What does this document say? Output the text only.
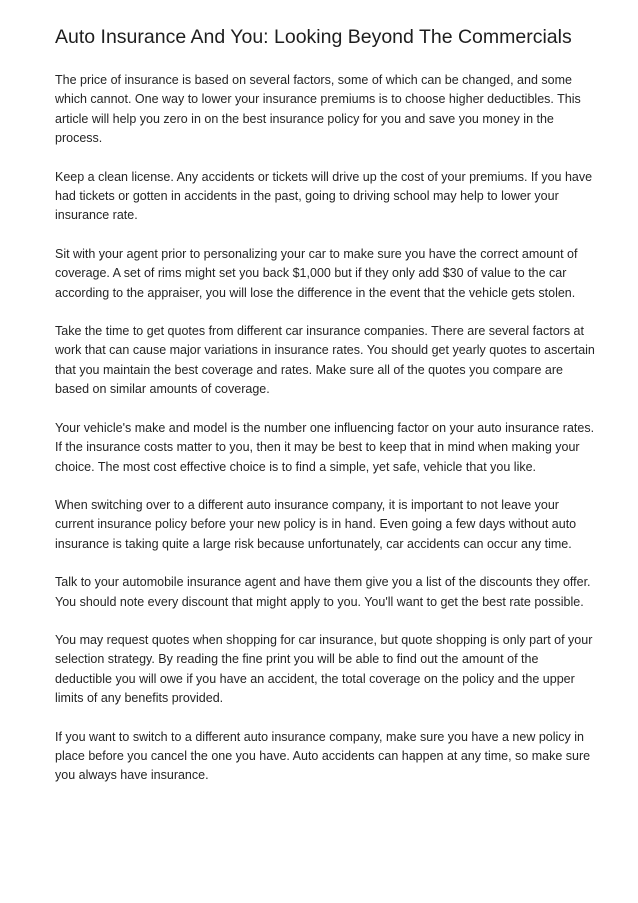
Auto Insurance And You: Looking Beyond The Commercials

The price of insurance is based on several factors, some of which can be changed, and some which cannot. One way to lower your insurance premiums is to choose higher deductibles. This article will help you zero in on the best insurance policy for you and save you money in the process.

Keep a clean license. Any accidents or tickets will drive up the cost of your premiums. If you have had tickets or gotten in accidents in the past, going to driving school may help to lower your insurance rate.

Sit with your agent prior to personalizing your car to make sure you have the correct amount of coverage. A set of rims might set you back $1,000 but if they only add $30 of value to the car according to the appraiser, you will lose the difference in the event that the vehicle gets stolen.

Take the time to get quotes from different car insurance companies. There are several factors at work that can cause major variations in insurance rates. You should get yearly quotes to ascertain that you maintain the best coverage and rates. Make sure all of the quotes you compare are based on similar amounts of coverage.

Your vehicle's make and model is the number one influencing factor on your auto insurance rates. If the insurance costs matter to you, then it may be best to keep that in mind when making your choice. The most cost effective choice is to find a simple, yet safe, vehicle that you like.

When switching over to a different auto insurance company, it is important to not leave your current insurance policy before your new policy is in hand. Even going a few days without auto insurance is taking quite a large risk because unfortunately, car accidents can occur any time.

Talk to your automobile insurance agent and have them give you a list of the discounts they offer. You should note every discount that might apply to you. You'll want to get the best rate possible.

You may request quotes when shopping for car insurance, but quote shopping is only part of your selection strategy. By reading the fine print you will be able to find out the amount of the deductible you will owe if you have an accident, the total coverage on the policy and the upper limits of any benefits provided.

If you want to switch to a different auto insurance company, make sure you have a new policy in place before you cancel the one you have. Auto accidents can happen at any time, so make sure you always have insurance.
